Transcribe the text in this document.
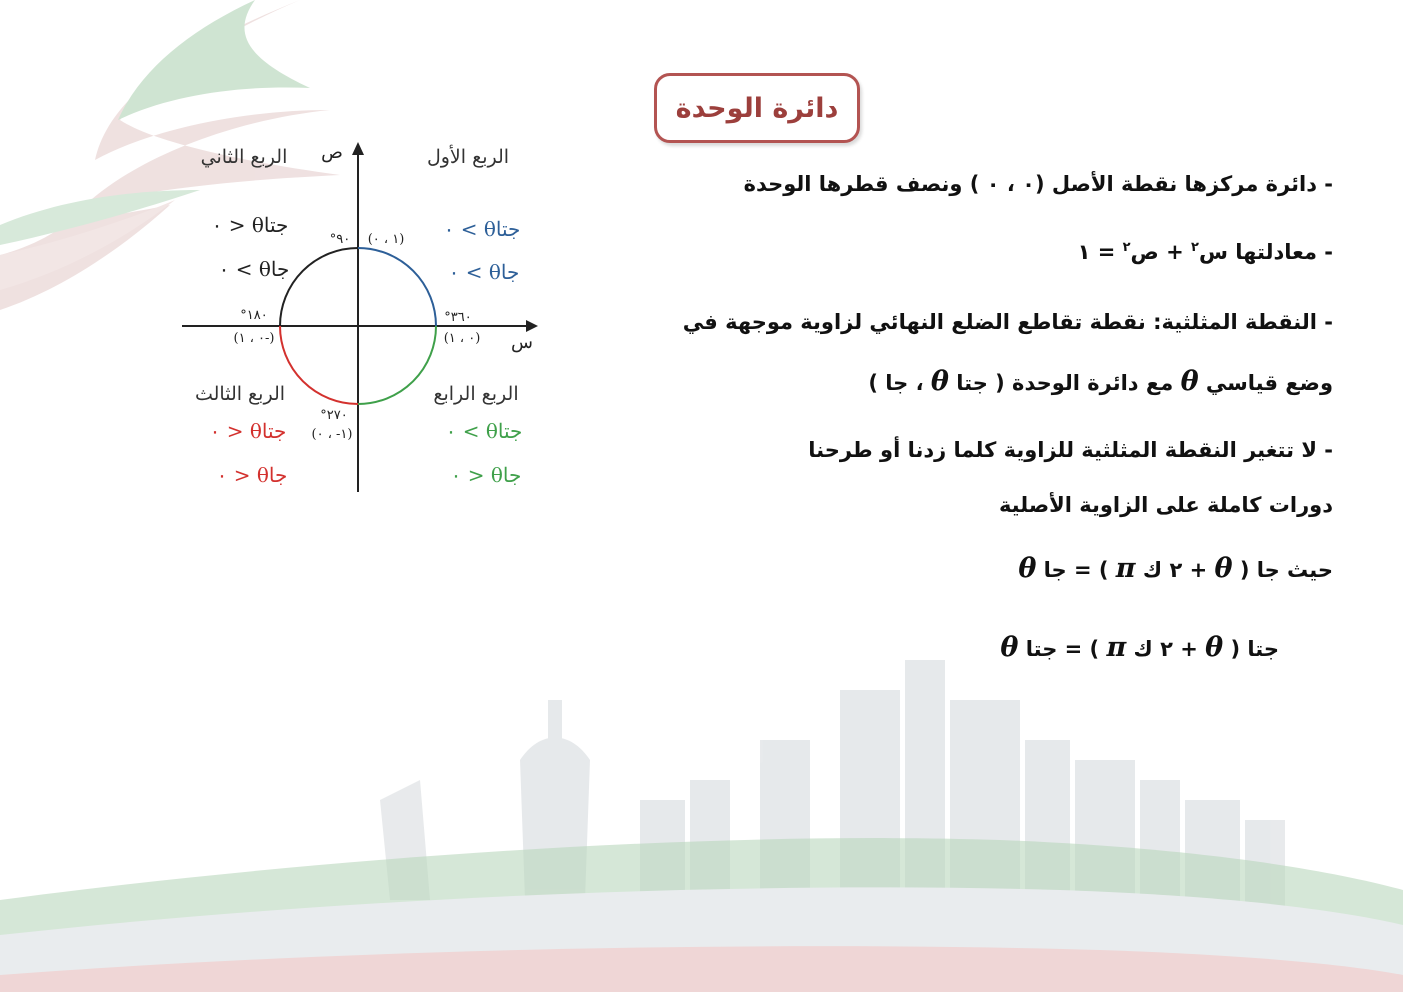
دائرة الوحدة
- دائرة مركزها نقطة الأصل (٠ ، ٠ ) ونصف قطرها الوحدة
- معادلتها س$^٢$ + ص$^٢$ = ١
- النقطة المثلثية: نقطة تقاطع الضلع النهائي لزاوية موجهة في
وضع قياسي θ مع دائرة الوحدة ( جتا θ ، جا )
- لا تتغير النقطة المثلثية للزاوية كلما زدنا أو طرحنا
دورات كاملة على الزاوية الأصلية
حيث جا ( θ + ٢ ك π ) = جا θ
جتا ( θ + ٢ ك π ) = جتا θ
ص
س
الربع الأول
الربع الثاني
الربع الثالث	الربع الرابع
جتاθ > ٠
جاθ > ٠
جتاθ < ٠
جاθ > ٠
جتاθ < ٠
جاθ < ٠
جتاθ > ٠
جاθ < ٠
°٩٠ (١ ، ٠)
°١٨٠
(٠ ، ١-)
°٢٧٠
(١- ، ٠)
°٣٦٠
(٠ ، ١)
